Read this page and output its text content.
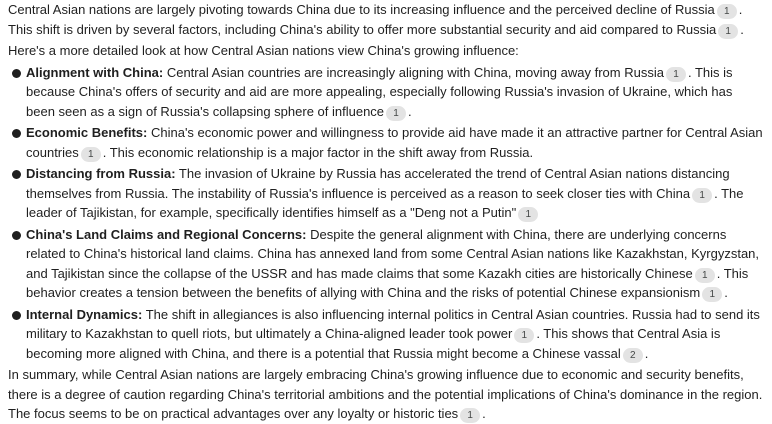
Central Asian nations are largely pivoting towards China due to its increasing influence and the perceived decline of Russia 1 . This shift is driven by several factors, including China's ability to offer more substantial security and aid compared to Russia 1 .

Here's a more detailed look at how Central Asian nations view China's growing influence:

Alignment with China: Central Asian countries are increasingly aligning with China, moving away from Russia 1 . This is because China's offers of security and aid are more appealing, especially following Russia's invasion of Ukraine, which has been seen as a sign of Russia's collapsing sphere of influence 1 .
Economic Benefits: China's economic power and willingness to provide aid have made it an attractive partner for Central Asian countries 1 . This economic relationship is a major factor in the shift away from Russia.
Distancing from Russia: The invasion of Ukraine by Russia has accelerated the trend of Central Asian nations distancing themselves from Russia. The instability of Russia's influence is perceived as a reason to seek closer ties with China 1 . The leader of Tajikistan, for example, specifically identifies himself as a "Deng not a Putin" 1
China's Land Claims and Regional Concerns: Despite the general alignment with China, there are underlying concerns related to China's historical land claims. China has annexed land from some Central Asian nations like Kazakhstan, Kyrgyzstan, and Tajikistan since the collapse of the USSR and has made claims that some Kazakh cities are historically Chinese 1 . This behavior creates a tension between the benefits of allying with China and the risks of potential Chinese expansionism 1 .
Internal Dynamics: The shift in allegiances is also influencing internal politics in Central Asian countries. Russia had to send its military to Kazakhstan to quell riots, but ultimately a China-aligned leader took power 1 . This shows that Central Asia is becoming more aligned with China, and there is a potential that Russia might become a Chinese vassal 2 .

In summary, while Central Asian nations are largely embracing China's growing influence due to economic and security benefits, there is a degree of caution regarding China's territorial ambitions and the potential implications of China's dominance in the region. The focus seems to be on practical advantages over any loyalty or historic ties 1 .
